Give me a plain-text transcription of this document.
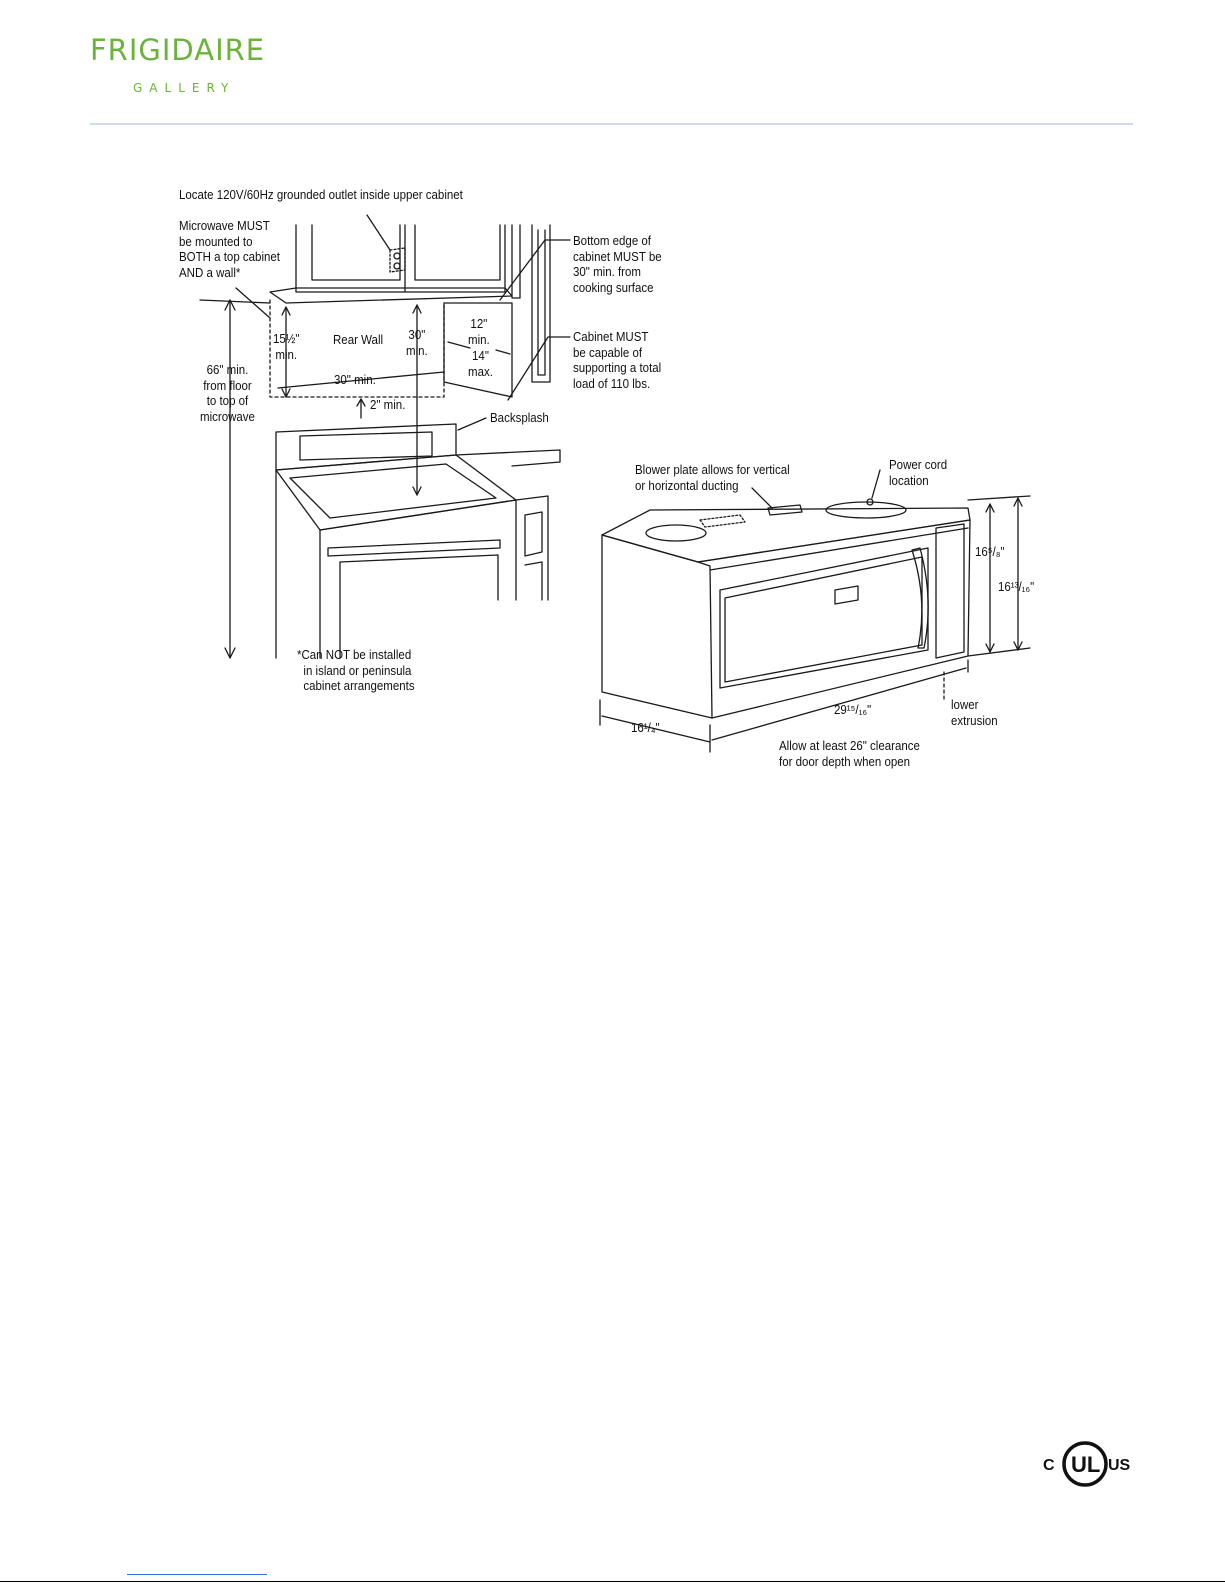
FRIGIDAIRE
GALLERY
Locate 120V/60Hz grounded outlet inside upper cabinet
Microwave MUST
be mounted to
BOTH a top cabinet
AND a wall*
Bottom edge of
cabinet MUST be
30" min. from
cooking surface
Cabinet MUST
be capable of
supporting a total
load of 110 lbs.
12"
min.
14"
max.
15½"
min.
Rear Wall 30"
min.
30" min.
2" min.
66" min.
from floor
to top of
microwave	Backsplash
*Can NOT be installed
in island or peninsula
cabinet arrangements
Blower plate allows for vertical
or horizontal ducting
Power cord
location
16⁵/₈"
16¹³/₁₆"
29¹⁵/₁₆"
16¹/₄"
lower
extrusion
Allow at least 26" clearance
for door depth when open
C UL US
